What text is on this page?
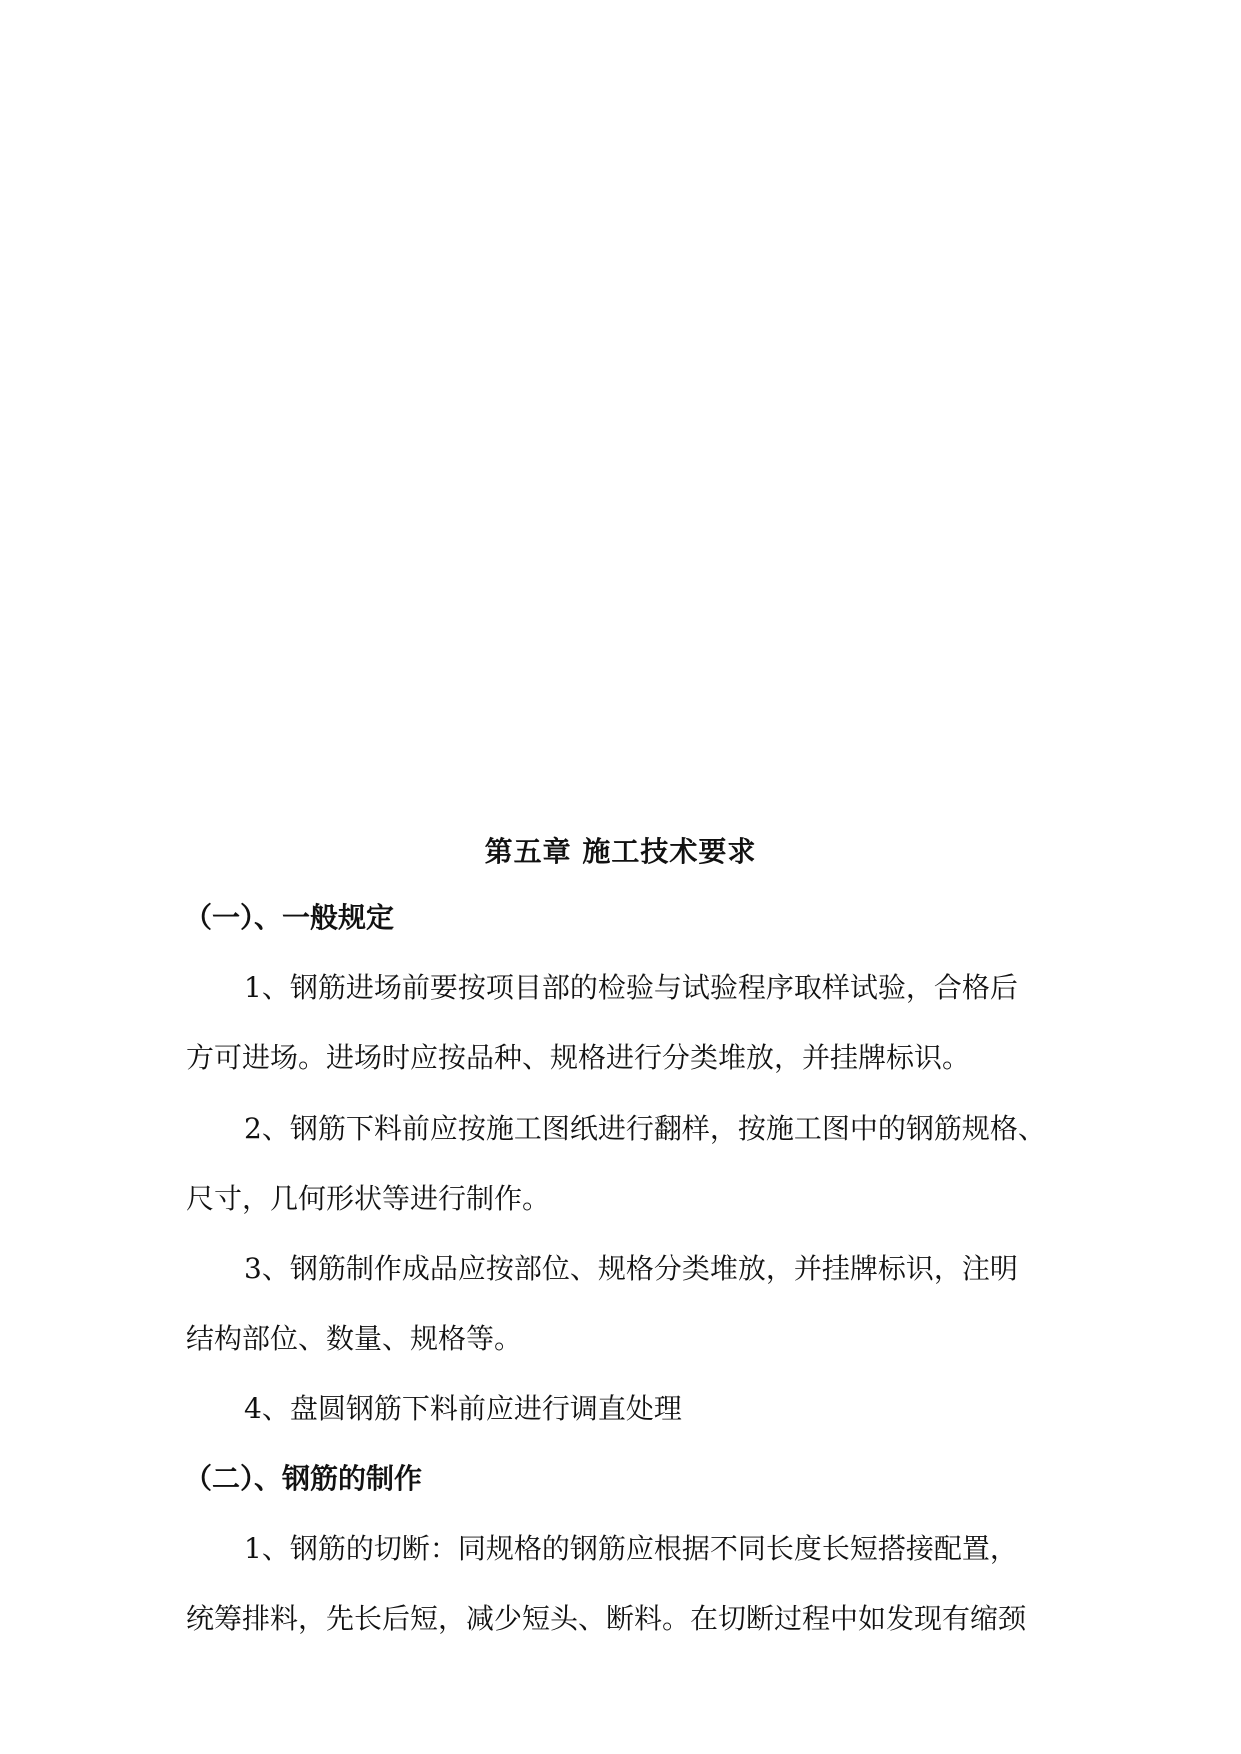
第五章 施工技术要求
（一）、一般规定
1、钢筋进场前要按项目部的检验与试验程序取样试验，合格后
方可进场。进场时应按品种、规格进行分类堆放，并挂牌标识。
2、钢筋下料前应按施工图纸进行翻样，按施工图中的钢筋规格、
尺寸，几何形状等进行制作。
3、钢筋制作成品应按部位、规格分类堆放，并挂牌标识，注明
结构部位、数量、规格等。
4、盘圆钢筋下料前应进行调直处理
（二）、钢筋的制作
1、钢筋的切断：同规格的钢筋应根据不同长度长短搭接配置，
统筹排料，先长后短，减少短头、断料。在切断过程中如发现有缩颈
